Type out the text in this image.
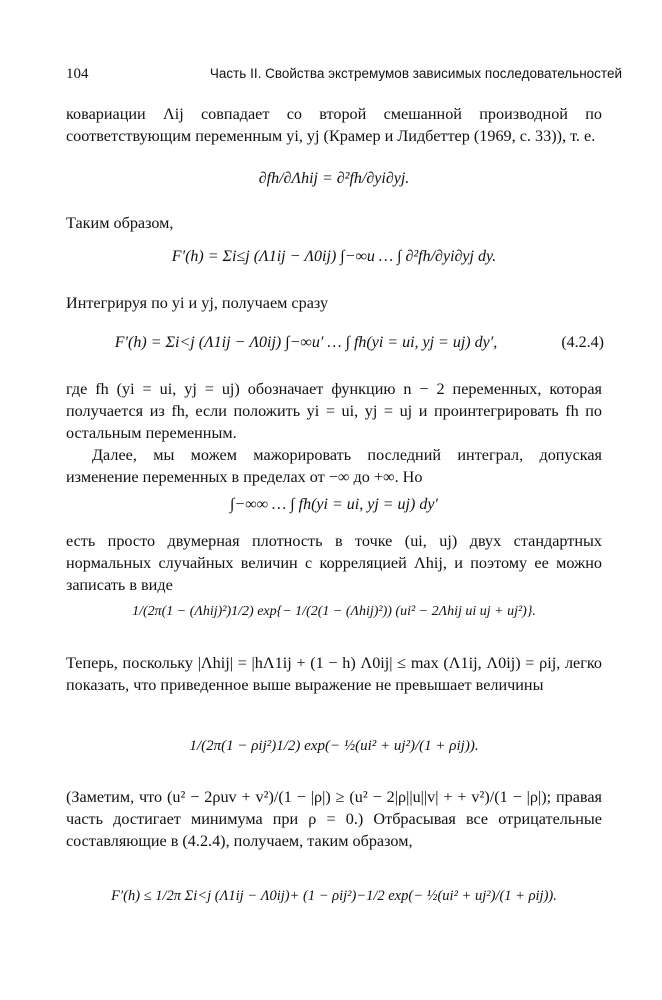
104	Часть II. Свойства экстремумов зависимых последовательностей

ковариации Λij совпадает со второй смешанной производной по соответствующим переменным yi, yj (Крамер и Лидбеттер (1969, с. 33)), т. е.

∂fh/∂Λhij = ∂²fh/∂yi∂yj.

Таким образом,

F′(h) = Σi≤j (Λ1ij − Λ0ij) ∫−∞u … ∫ ∂²fh/∂yi∂yj dy.

Интегрируя по yi и yj, получаем сразу

F′(h) = Σi<j (Λ1ij − Λ0ij) ∫−∞u′ … ∫ fh(yi = ui, yj = uj) dy′,	(4.2.4)

где fh (yi = ui, yj = uj) обозначает функцию n − 2 переменных, которая получается из fh, если положить yi = ui, yj = uj и проинтегрировать fh по остальным переменным.

Далее, мы можем мажорировать последний интеграл, допуская изменение переменных в пределах от −∞ до +∞. Но

∫−∞∞ … ∫ fh(yi = ui, yj = uj) dy′

есть просто двумерная плотность в точке (ui, uj) двух стандартных нормальных случайных величин с корреляцией Λhij, и поэтому ее можно записать в виде

1/(2π(1 − (Λhij)²)1/2) exp{− 1/(2(1 − (Λhij)²)) (ui² − 2Λhij ui uj + uj²)}.

Теперь, поскольку |Λhij| = |hΛ1ij + (1 − h) Λ0ij| ≤ max (Λ1ij, Λ0ij) = ρij, легко показать, что приведенное выше выражение не превышает величины

1/(2π(1 − ρij²)1/2) exp(− ½(ui² + uj²)/(1 + ρij)).

(Заметим, что (u² − 2ρuv + v²)/(1 − |ρ|) ≥ (u² − 2|ρ||u||v| + + v²)/(1 − |ρ|); правая часть достигает минимума при ρ = 0.) Отбрасывая все отрицательные составляющие в (4.2.4), получаем, таким образом,

F′(h) ≤ 1/2π Σi<j (Λ1ij − Λ0ij)+ (1 − ρij²)−1/2 exp(− ½(ui² + uj²)/(1 + ρij)).
